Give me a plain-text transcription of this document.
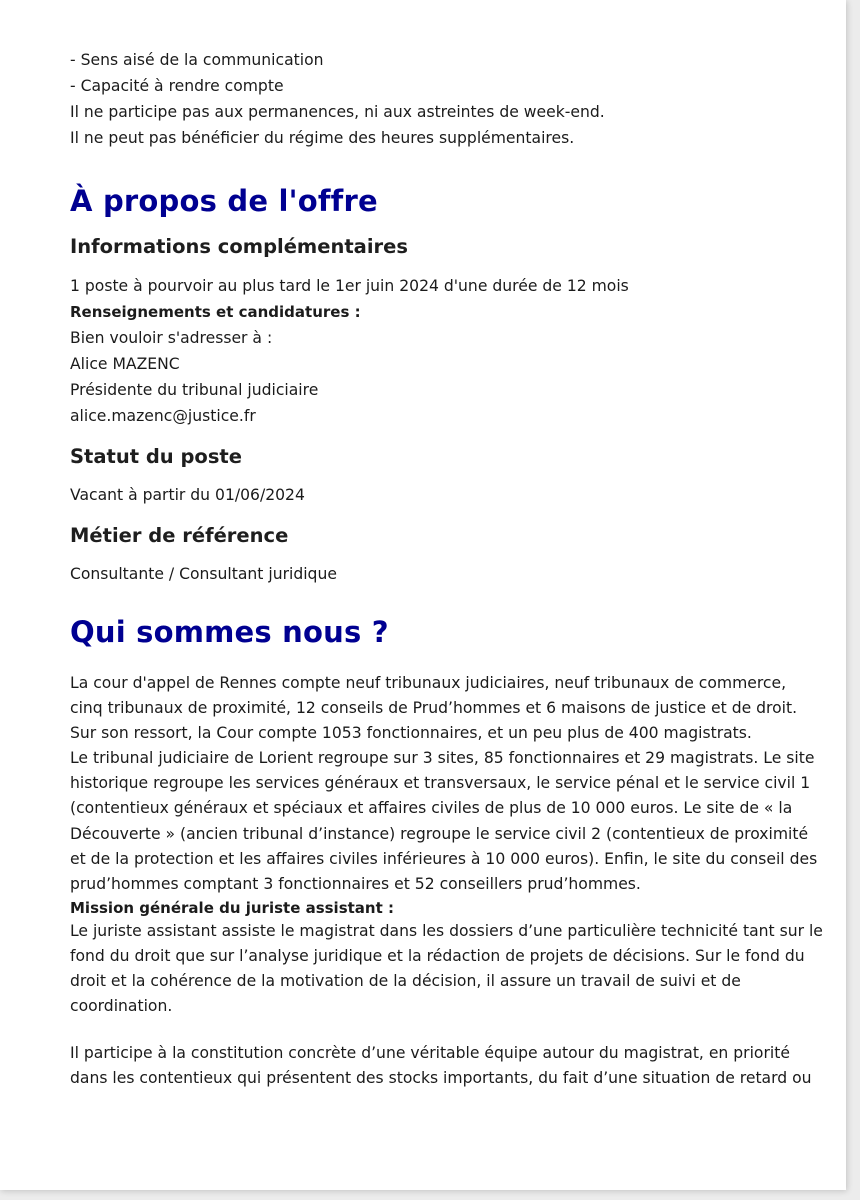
- Sens aisé de la communication

- Capacité à rendre compte

Il ne participe pas aux permanences, ni aux astreintes de week-end.

Il ne peut pas bénéficier du régime des heures supplémentaires.

À propos de l'offre
Informations complémentaires

1 poste à pourvoir au plus tard le 1er juin 2024 d'une durée de 12 mois

Renseignements et candidatures :

Bien vouloir s'adresser à :

Alice MAZENC

Présidente du tribunal judiciaire

alice.mazenc@justice.fr

Statut du poste

Vacant à partir du 01/06/2024

Métier de référence

Consultante / Consultant juridique

Qui sommes nous ?

La cour d'appel de Rennes compte neuf tribunaux judiciaires, neuf tribunaux de commerce,

cinq tribunaux de proximité, 12 conseils de Prud’hommes et 6 maisons de justice et de droit.

Sur son ressort, la Cour compte 1053 fonctionnaires, et un peu plus de 400 magistrats.

Le tribunal judiciaire de Lorient regroupe sur 3 sites, 85 fonctionnaires et 29 magistrats. Le site

historique regroupe les services généraux et transversaux, le service pénal et le service civil 1

(contentieux généraux et spéciaux et affaires civiles de plus de 10 000 euros. Le site de « la

Découverte » (ancien tribunal d’instance) regroupe le service civil 2 (contentieux de proximité

et de la protection et les affaires civiles inférieures à 10 000 euros). Enfin, le site du conseil des

prud’hommes comptant 3 fonctionnaires et 52 conseillers prud’hommes.

Mission générale du juriste assistant :

Le juriste assistant assiste le magistrat dans les dossiers d’une particulière technicité tant sur le

fond du droit que sur l’analyse juridique et la rédaction de projets de décisions. Sur le fond du

droit et la cohérence de la motivation de la décision, il assure un travail de suivi et de

coordination.

Il participe à la constitution concrète d’une véritable équipe autour du magistrat, en priorité

dans les contentieux qui présentent des stocks importants, du fait d’une situation de retard ou
